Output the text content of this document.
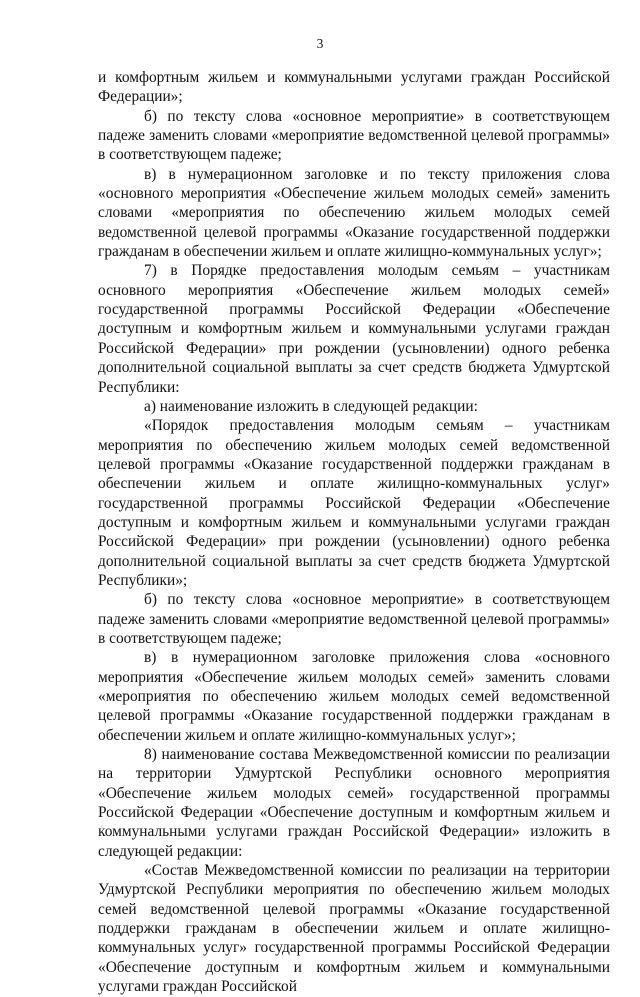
3

и комфортным жильем и коммунальными услугами граждан Российской Федерации»;

б) по тексту слова «основное мероприятие» в соответствующем падеже заменить словами «мероприятие ведомственной целевой программы» в соответствующем падеже;

в) в нумерационном заголовке и по тексту приложения слова «основного мероприятия «Обеспечение жильем молодых семей» заменить словами «мероприятия по обеспечению жильем молодых семей ведомственной целевой программы «Оказание государственной поддержки гражданам в обеспечении жильем и оплате жилищно-коммунальных услуг»;

7) в Порядке предоставления молодым семьям – участникам основного мероприятия «Обеспечение жильем молодых семей» государственной программы Российской Федерации «Обеспечение доступным и комфортным жильем и коммунальными услугами граждан Российской Федерации» при рождении (усыновлении) одного ребенка дополнительной социальной выплаты за счет средств бюджета Удмуртской Республики:

а) наименование изложить в следующей редакции:

«Порядок предоставления молодым семьям – участникам мероприятия по обеспечению жильем молодых семей ведомственной целевой программы «Оказание государственной поддержки гражданам в обеспечении жильем и оплате жилищно-коммунальных услуг» государственной программы Российской Федерации «Обеспечение доступным и комфортным жильем и коммунальными услугами граждан Российской Федерации» при рождении (усыновлении) одного ребенка дополнительной социальной выплаты за счет средств бюджета Удмуртской Республики»;

б) по тексту слова «основное мероприятие» в соответствующем падеже заменить словами «мероприятие ведомственной целевой программы» в соответствующем падеже;

в) в нумерационном заголовке приложения слова «основного мероприятия «Обеспечение жильем молодых семей» заменить словами «мероприятия по обеспечению жильем молодых семей ведомственной целевой программы «Оказание государственной поддержки гражданам в обеспечении жильем и оплате жилищно-коммунальных услуг»;

8) наименование состава Межведомственной комиссии по реализации на территории Удмуртской Республики основного мероприятия «Обеспечение жильем молодых семей» государственной программы Российской Федерации «Обеспечение доступным и комфортным жильем и коммунальными услугами граждан Российской Федерации» изложить в следующей редакции:

«Состав Межведомственной комиссии по реализации на территории Удмуртской Республики мероприятия по обеспечению жильем молодых семей ведомственной целевой программы «Оказание государственной поддержки гражданам в обеспечении жильем и оплате жилищно-коммунальных услуг» государственной программы Российской Федерации «Обеспечение доступным и комфортным жильем и коммунальными услугами граждан Российской
